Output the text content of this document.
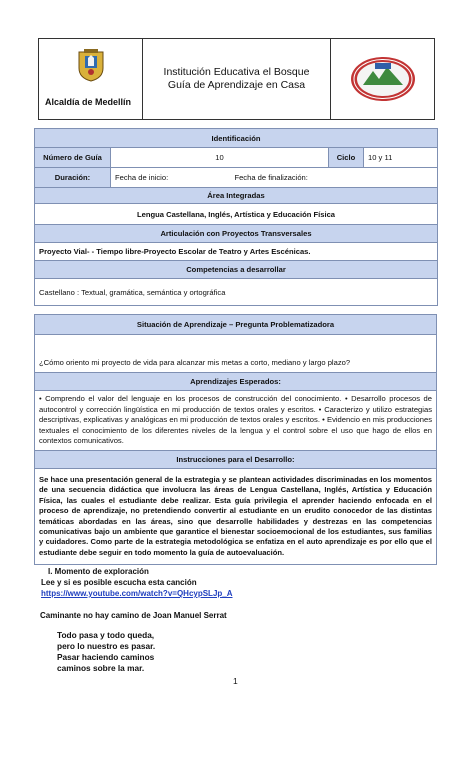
Alcaldía de Medellín
Institución Educativa el Bosque
Guía de Aprendizaje en Casa
Identificación			
Número de Guía	10	Ciclo	10 y 11
Duración:	Fecha de inicio: Fecha de finalización:		
Área Integradas			
Lengua Castellana, Inglés, Artística y Educación Física			
Articulación con Proyectos Transversales			
Proyecto Vial- - Tiempo libre-Proyecto Escolar de Teatro y Artes Escénicas.			
Competencias a desarrollar			
Castellano : Textual, gramática, semántica y ortográfica			
Situación de Aprendizaje – Pregunta Problematizadora
¿Cómo oriento mi proyecto de vida para alcanzar mis metas a corto, mediano y largo plazo?
Aprendizajes Esperados:
• Comprendo el valor del lenguaje en los procesos de construcción del conocimiento. • Desarrollo procesos de autocontrol y corrección lingüística en mi producción de textos orales y escritos. • Caracterizo y utilizo estrategias descriptivas, explicativas y analógicas en mi producción de textos orales y escritos. • Evidencio en mis producciones textuales el conocimiento de los diferentes niveles de la lengua y el control sobre el uso que hago de ellos en contextos comunicativos.
Instrucciones para el Desarrollo:
Se hace una presentación general de la estrategia y se plantean actividades discriminadas en los momentos de una secuencia didáctica que involucra las áreas de Lengua Castellana, Inglés, Artística y Educación Física, las cuales el estudiante debe realizar. Esta guía privilegia el aprender haciendo enfocada en el proceso de aprendizaje, no pretendiendo convertir al estudiante en un erudito conocedor de las distintas temáticas abordadas en las áreas, sino que desarrolle habilidades y destrezas en las competencias comunicativas bajo un ambiente que garantice el bienestar socioemocional de los estudiantes, sus familias y cuidadores. Como parte de la estrategia metodológica se enfatiza en el auto aprendizaje es por ello que el estudiante debe seguir en todo momento la guía de autoevaluación.
I. Momento de exploración
Lee y si es posible escucha esta canción
https://www.youtube.com/watch?v=QHcypSLJp_A
Caminante no hay camino de Joan Manuel Serrat
Todo pasa y todo queda,
pero lo nuestro es pasar.
Pasar haciendo caminos
caminos sobre la mar.
1
